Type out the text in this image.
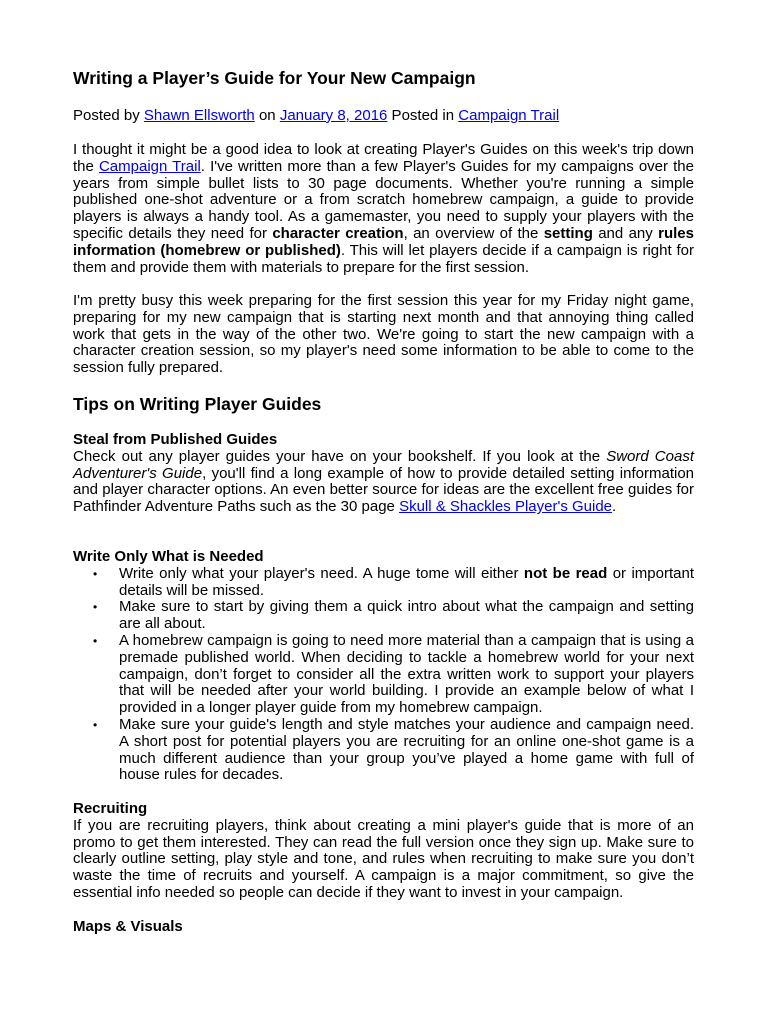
Writing a Player’s Guide for Your New Campaign
Posted by Shawn Ellsworth on January 8, 2016 Posted in Campaign Trail

I thought it might be a good idea to look at creating Player's Guides on this week's trip down the Campaign Trail. I've written more than a few Player's Guides for my campaigns over the years from simple bullet lists to 30 page documents. Whether you're running a simple published one-shot adventure or a from scratch homebrew campaign, a guide to provide players is always a handy tool. As a gamemaster, you need to supply your players with the specific details they need for character creation, an overview of the setting and any rules information (homebrew or published). This will let players decide if a campaign is right for them and provide them with materials to prepare for the first session.

I'm pretty busy this week preparing for the first session this year for my Friday night game, preparing for my new campaign that is starting next month and that annoying thing called work that gets in the way of the other two. We're going to start the new campaign with a character creation session, so my player's need some information to be able to come to the session fully prepared.

Tips on Writing Player Guides
Steal from Published Guides

Check out any player guides your have on your bookshelf. If you look at the Sword Coast Adventurer's Guide, you'll find a long example of how to provide detailed setting information and player character options. An even better source for ideas are the excellent free guides for Pathfinder Adventure Paths such as the 30 page Skull & Shackles Player's Guide.

Write Only What is Needed
• Write only what your player's need. A huge tome will either not be read or important details will be missed.
• Make sure to start by giving them a quick intro about what the campaign and setting are all about.
• A homebrew campaign is going to need more material than a campaign that is using a premade published world. When deciding to tackle a homebrew world for your next campaign, don’t forget to consider all the extra written work to support your players that will be needed after your world building. I provide an example below of what I provided in a longer player guide from my homebrew campaign.
• Make sure your guide's length and style matches your audience and campaign need. A short post for potential players you are recruiting for an online one-shot game is a much different audience than your group you’ve played a home game with full of house rules for decades.
Recruiting

If you are recruiting players, think about creating a mini player's guide that is more of an promo to get them interested. They can read the full version once they sign up. Make sure to clearly outline setting, play style and tone, and rules when recruiting to make sure you don’t waste the time of recruits and yourself. A campaign is a major commitment, so give the essential info needed so people can decide if they want to invest in your campaign.

Maps & Visuals
